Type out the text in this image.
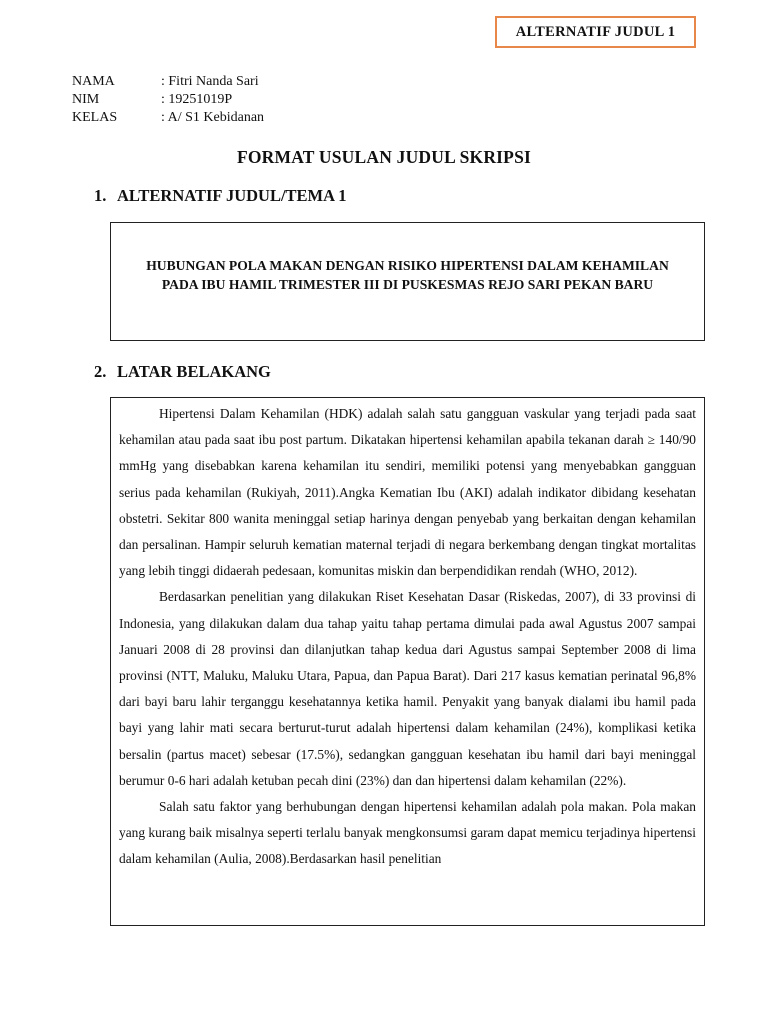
ALTERNATIF JUDUL 1
NAMA	: Fitri Nanda Sari
NIM	: 19251019P
KELAS	: A/ S1 Kebidanan
FORMAT USULAN JUDUL SKRIPSI
1. ALTERNATIF JUDUL/TEMA 1
HUBUNGAN POLA MAKAN DENGAN RISIKO HIPERTENSI DALAM KEHAMILAN
PADA IBU HAMIL TRIMESTER III DI PUSKESMAS REJO SARI PEKAN BARU
2. LATAR BELAKANG

Hipertensi Dalam Kehamilan (HDK) adalah salah satu gangguan vaskular yang terjadi pada saat kehamilan atau pada saat ibu post partum. Dikatakan hipertensi kehamilan apabila tekanan darah ≥ 140/90 mmHg yang disebabkan karena kehamilan itu sendiri, memiliki potensi yang menyebabkan gangguan serius pada kehamilan (Rukiyah, 2011).Angka Kematian Ibu (AKI) adalah indikator dibidang kesehatan obstetri. Sekitar 800 wanita meninggal setiap harinya dengan penyebab yang berkaitan dengan kehamilan dan persalinan. Hampir seluruh kematian maternal terjadi di negara berkembang dengan tingkat mortalitas yang lebih tinggi didaerah pedesaan, komunitas miskin dan berpendidikan rendah (WHO, 2012).

Berdasarkan penelitian yang dilakukan Riset Kesehatan Dasar (Riskedas, 2007), di 33 provinsi di Indonesia, yang dilakukan dalam dua tahap yaitu tahap pertama dimulai pada awal Agustus 2007 sampai Januari 2008 di 28 provinsi dan dilanjutkan tahap kedua dari Agustus sampai September 2008 di lima provinsi (NTT, Maluku, Maluku Utara, Papua, dan Papua Barat). Dari 217 kasus kematian perinatal 96,8% dari bayi baru lahir terganggu kesehatannya ketika hamil. Penyakit yang banyak dialami ibu hamil pada bayi yang lahir mati secara berturut-turut adalah hipertensi dalam kehamilan (24%), komplikasi ketika bersalin (partus macet) sebesar (17.5%), sedangkan gangguan kesehatan ibu hamil dari bayi meninggal berumur 0-6 hari adalah ketuban pecah dini (23%) dan dan hipertensi dalam kehamilan (22%).

Salah satu faktor yang berhubungan dengan hipertensi kehamilan adalah pola makan. Pola makan yang kurang baik misalnya seperti terlalu banyak mengkonsumsi garam dapat memicu terjadinya hipertensi dalam kehamilan (Aulia, 2008).Berdasarkan hasil penelitian
